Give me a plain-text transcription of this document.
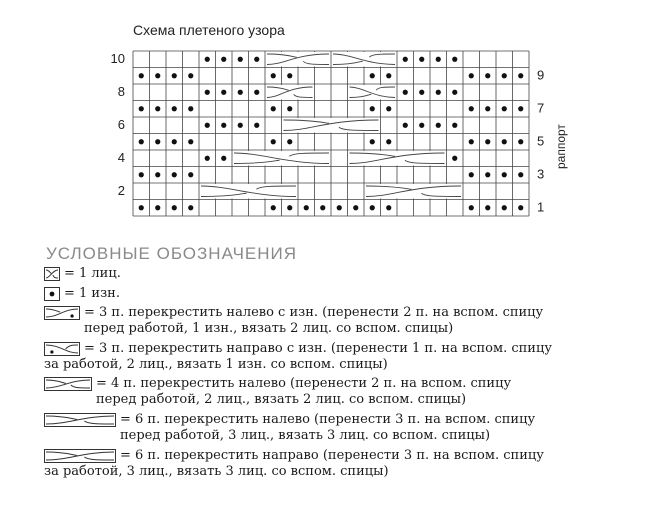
Схема плетеного узора
10
8
6
4
2
9
7
5
3
1
раппорт
УСЛОВНЫЕ ОБОЗНАЧЕНИЯ
= 1 лиц.
= 1 изн.
= 3 п. перекрестить налево с изн. (перенести 2 п. на вспом. спицу
перед работой, 1 изн., вязать 2 лиц. со вспом. спицы)
= 3 п. перекрестить направо с изн. (перенести 1 п. на вспом. спицу
за работой, 2 лиц., вязать 1 изн. со вспом. спицы)
= 4 п. перекрестить налево (перенести 2 п. на вспом. спицу
перед работой, 2 лиц., вязать 2 лиц. со вспом. спицы)
= 6 п. перекрестить налево (перенести 3 п. на вспом. спицу
перед работой, 3 лиц., вязать 3 лиц. со вспом. спицы)
= 6 п. перекрестить направо (перенести 3 п. на вспом. спицу
за работой, 3 лиц., вязать 3 лиц. со вспом. спицы)
